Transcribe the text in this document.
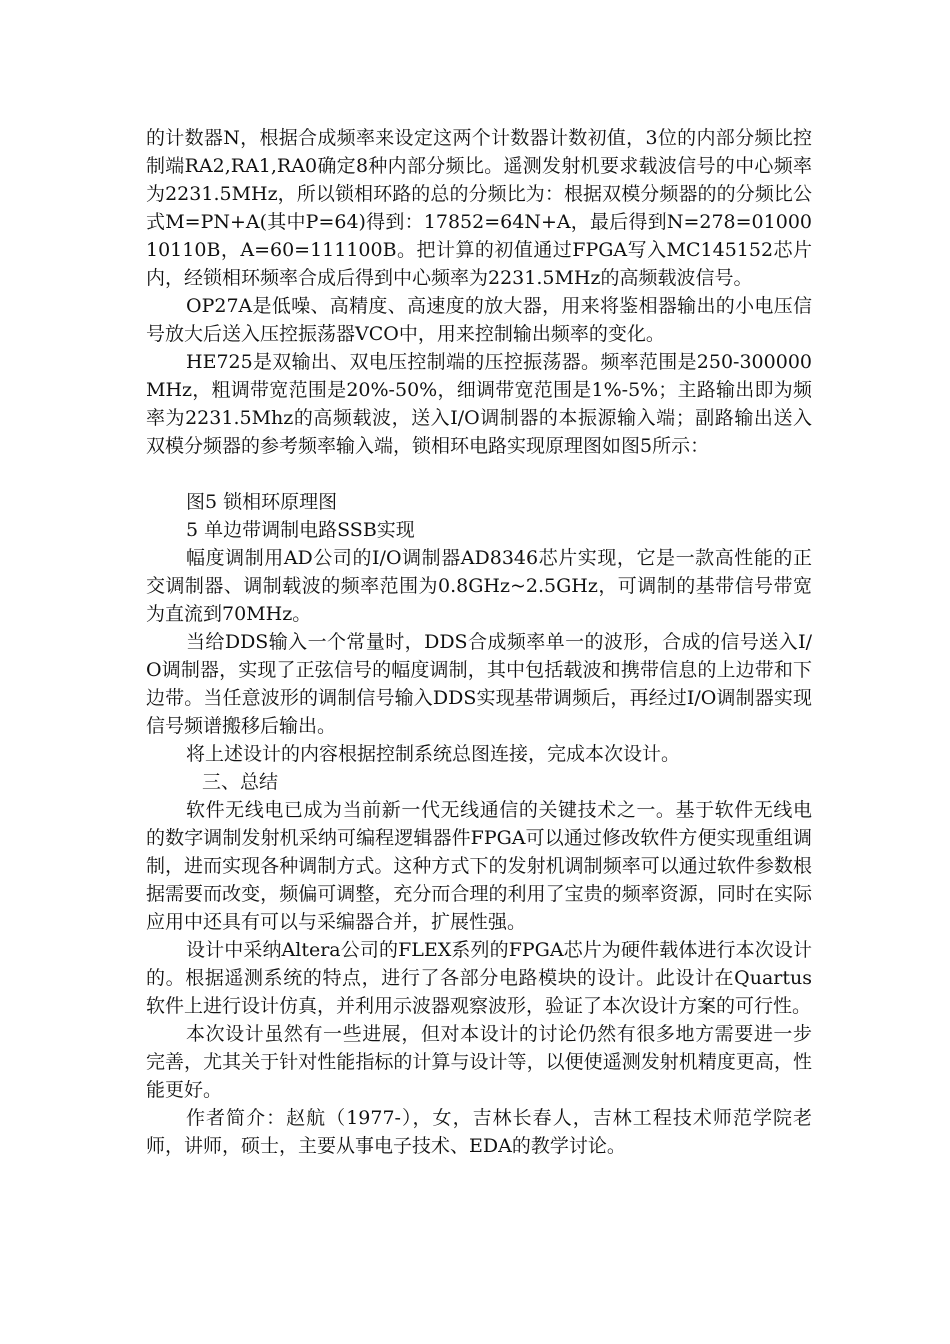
的计数器N，根据合成频率来设定这两个计数器计数初值，3位的内部分频比控制端RA2,RA1,RA0确定8种内部分频比。遥测发射机要求载波信号的中心频率为2231.5MHz，所以锁相环路的总的分频比为：根据双模分频器的的分频比公式M=PN+A(其中P=64)得到：17852=64N+A，最后得到N=278=0100010110B，A=60=111100B。把计算的初值通过FPGA写入MC145152芯片内，经锁相环频率合成后得到中心频率为2231.5MHz的高频载波信号。

OP27A是低噪、高精度、高速度的放大器，用来将鉴相器输出的小电压信号放大后送入压控振荡器VCO中，用来控制输出频率的变化。

HE725是双输出、双电压控制端的压控振荡器。频率范围是250-300000MHz，粗调带宽范围是20%-50%，细调带宽范围是1%-5%；主路输出即为频率为2231.5Mhz的高频载波，送入I/O调制器的本振源输入端；副路输出送入双模分频器的参考频率输入端，锁相环电路实现原理图如图5所示：

图5 锁相环原理图

5 单边带调制电路SSB实现

幅度调制用AD公司的I/O调制器AD8346芯片实现，它是一款高性能的正交调制器、调制载波的频率范围为0.8GHz~2.5GHz，可调制的基带信号带宽为直流到70MHz。

当给DDS输入一个常量时，DDS合成频率单一的波形，合成的信号送入I/O调制器，实现了正弦信号的幅度调制，其中包括载波和携带信息的上边带和下边带。当任意波形的调制信号输入DDS实现基带调频后，再经过I/O调制器实现信号频谱搬移后输出。

将上述设计的内容根据控制系统总图连接，完成本次设计。

三、总结

软件无线电已成为当前新一代无线通信的关键技术之一。基于软件无线电的数字调制发射机采纳可编程逻辑器件FPGA可以通过修改软件方便实现重组调制，进而实现各种调制方式。这种方式下的发射机调制频率可以通过软件参数根据需要而改变，频偏可调整，充分而合理的利用了宝贵的频率资源，同时在实际应用中还具有可以与采编器合并，扩展性强。

设计中采纳Altera公司的FLEX系列的FPGA芯片为硬件载体进行本次设计的。根据遥测系统的特点，进行了各部分电路模块的设计。此设计在Quartus软件上进行设计仿真，并利用示波器观察波形，验证了本次设计方案的可行性。

本次设计虽然有一些进展，但对本设计的讨论仍然有很多地方需要进一步完善，尤其关于针对性能指标的计算与设计等，以便使遥测发射机精度更高，性能更好。

作者简介：赵航（1977-），女，吉林长春人，吉林工程技术师范学院老师，讲师，硕士，主要从事电子技术、EDA的教学讨论。
